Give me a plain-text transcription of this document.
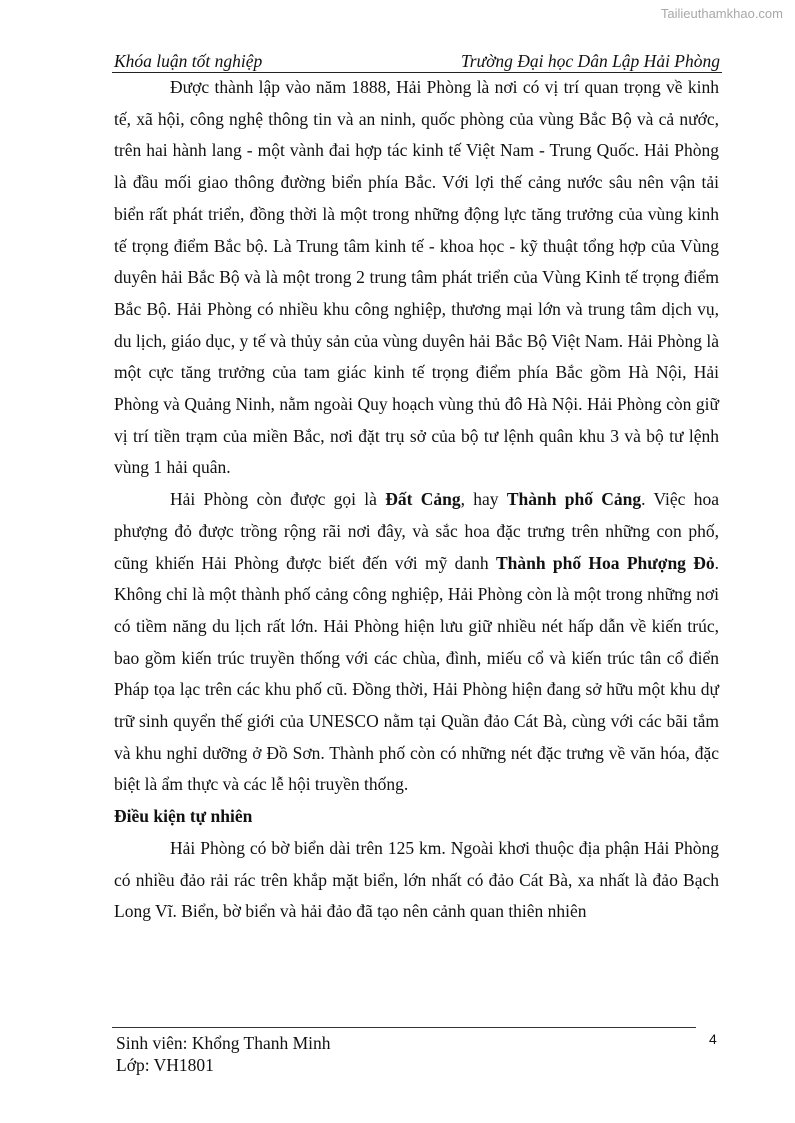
Tailieuthamkhao.com
Khóa luận tốt nghiệp	Trường Đại học Dân Lập Hải Phòng

Được thành lập vào năm 1888, Hải Phòng là nơi có vị trí quan trọng về kinh tế, xã hội, công nghệ thông tin và an ninh, quốc phòng của vùng Bắc Bộ và cả nước, trên hai hành lang - một vành đai hợp tác kinh tế Việt Nam - Trung Quốc. Hải Phòng là đầu mối giao thông đường biển phía Bắc. Với lợi thế cảng nước sâu nên vận tải biển rất phát triển, đồng thời là một trong những động lực tăng trưởng của vùng kinh tế trọng điểm Bắc bộ. Là Trung tâm kinh tế - khoa học - kỹ thuật tổng hợp của Vùng duyên hải Bắc Bộ và là một trong 2 trung tâm phát triển của Vùng Kinh tế trọng điểm Bắc Bộ. Hải Phòng có nhiều khu công nghiệp, thương mại lớn và trung tâm dịch vụ, du lịch, giáo dục, y tế và thủy sản của vùng duyên hải Bắc Bộ Việt Nam. Hải Phòng là một cực tăng trưởng của tam giác kinh tế trọng điểm phía Bắc gồm Hà Nội, Hải Phòng và Quảng Ninh, nằm ngoài Quy hoạch vùng thủ đô Hà Nội. Hải Phòng còn giữ vị trí tiền trạm của miền Bắc, nơi đặt trụ sở của bộ tư lệnh quân khu 3 và bộ tư lệnh vùng 1 hải quân.

Hải Phòng còn được gọi là Đất Cảng, hay Thành phố Cảng. Việc hoa phượng đỏ được trồng rộng rãi nơi đây, và sắc hoa đặc trưng trên những con phố, cũng khiến Hải Phòng được biết đến với mỹ danh Thành phố Hoa Phượng Đỏ. Không chỉ là một thành phố cảng công nghiệp, Hải Phòng còn là một trong những nơi có tiềm năng du lịch rất lớn. Hải Phòng hiện lưu giữ nhiều nét hấp dẫn về kiến trúc, bao gồm kiến trúc truyền thống với các chùa, đình, miếu cổ và kiến trúc tân cổ điển Pháp tọa lạc trên các khu phố cũ. Đồng thời, Hải Phòng hiện đang sở hữu một khu dự trữ sinh quyển thế giới của UNESCO nằm tại Quần đảo Cát Bà, cùng với các bãi tắm và khu nghỉ dưỡng ở Đồ Sơn. Thành phố còn có những nét đặc trưng về văn hóa, đặc biệt là ẩm thực và các lễ hội truyền thống.

Điều kiện tự nhiên

Hải Phòng có bờ biển dài trên 125 km. Ngoài khơi thuộc địa phận Hải Phòng có nhiều đảo rải rác trên khắp mặt biển, lớn nhất có đảo Cát Bà, xa nhất là đảo Bạch Long Vĩ. Biển, bờ biển và hải đảo đã tạo nên cảnh quan thiên nhiên

4
Sinh viên: Khổng Thanh Minh
Lớp: VH1801
